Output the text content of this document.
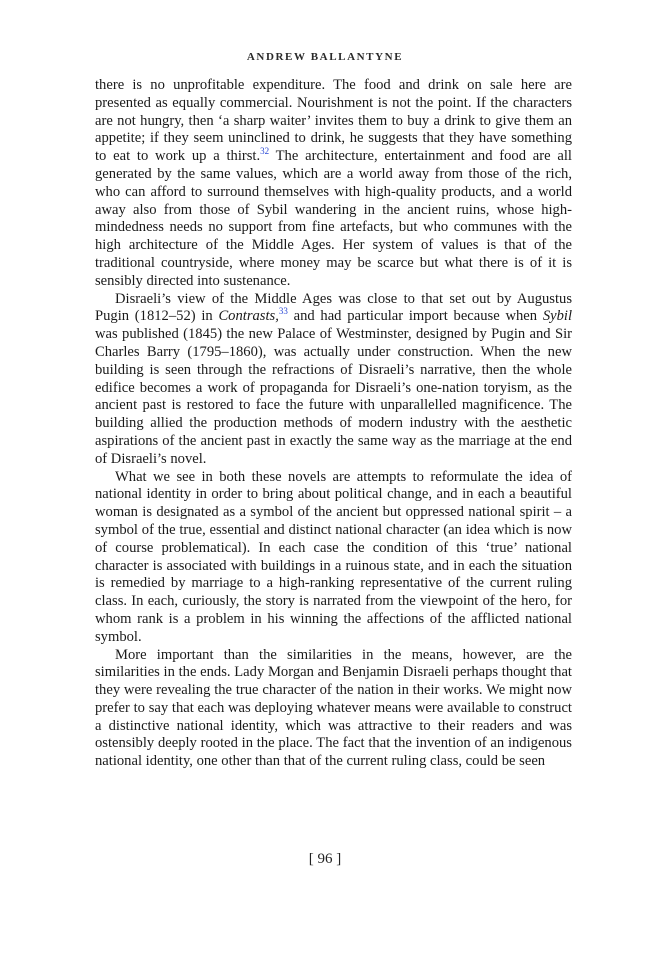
ANDREW BALLANTYNE

there is no unprofitable expenditure. The food and drink on sale here are presented as equally commercial. Nourishment is not the point. If the characters are not hungry, then ‘a sharp waiter’ invites them to buy a drink to give them an appetite; if they seem uninclined to drink, he suggests that they have something to eat to work up a thirst.$^{32}$ The architecture, entertainment and food are all generated by the same values, which are a world away from those of the rich, who can afford to surround themselves with high-quality products, and a world away also from those of Sybil wandering in the ancient ruins, whose high-mindedness needs no support from fine artefacts, but who communes with the high architecture of the Middle Ages. Her system of values is that of the traditional countryside, where money may be scarce but what there is of it is sensibly directed into sustenance.

Disraeli’s view of the Middle Ages was close to that set out by Augustus Pugin (1812–52) in Contrasts,$^{33}$ and had particular import because when Sybil was published (1845) the new Palace of Westminster, designed by Pugin and Sir Charles Barry (1795–1860), was actually under construction. When the new building is seen through the refractions of Disraeli’s narrative, then the whole edifice becomes a work of propaganda for Disraeli’s one-nation toryism, as the ancient past is restored to face the future with unparallelled magnificence. The building allied the production methods of modern industry with the aesthetic aspirations of the ancient past in exactly the same way as the marriage at the end of Disraeli’s novel.

What we see in both these novels are attempts to reformulate the idea of national identity in order to bring about political change, and in each a beautiful woman is designated as a symbol of the ancient but oppressed national spirit – a symbol of the true, essential and distinct national character (an idea which is now of course problematical). In each case the condition of this ‘true’ national character is associated with buildings in a ruinous state, and in each the situation is remedied by marriage to a high-ranking representative of the current ruling class. In each, curiously, the story is narrated from the viewpoint of the hero, for whom rank is a problem in his winning the affections of the afflicted national symbol.

More important than the similarities in the means, however, are the similarities in the ends. Lady Morgan and Benjamin Disraeli perhaps thought that they were revealing the true character of the nation in their works. We might now prefer to say that each was deploying whatever means were available to construct a distinctive national identity, which was attractive to their readers and was ostensibly deeply rooted in the place. The fact that the invention of an indigenous national identity, one other than that of the current ruling class, could be seen

[ 96 ]
